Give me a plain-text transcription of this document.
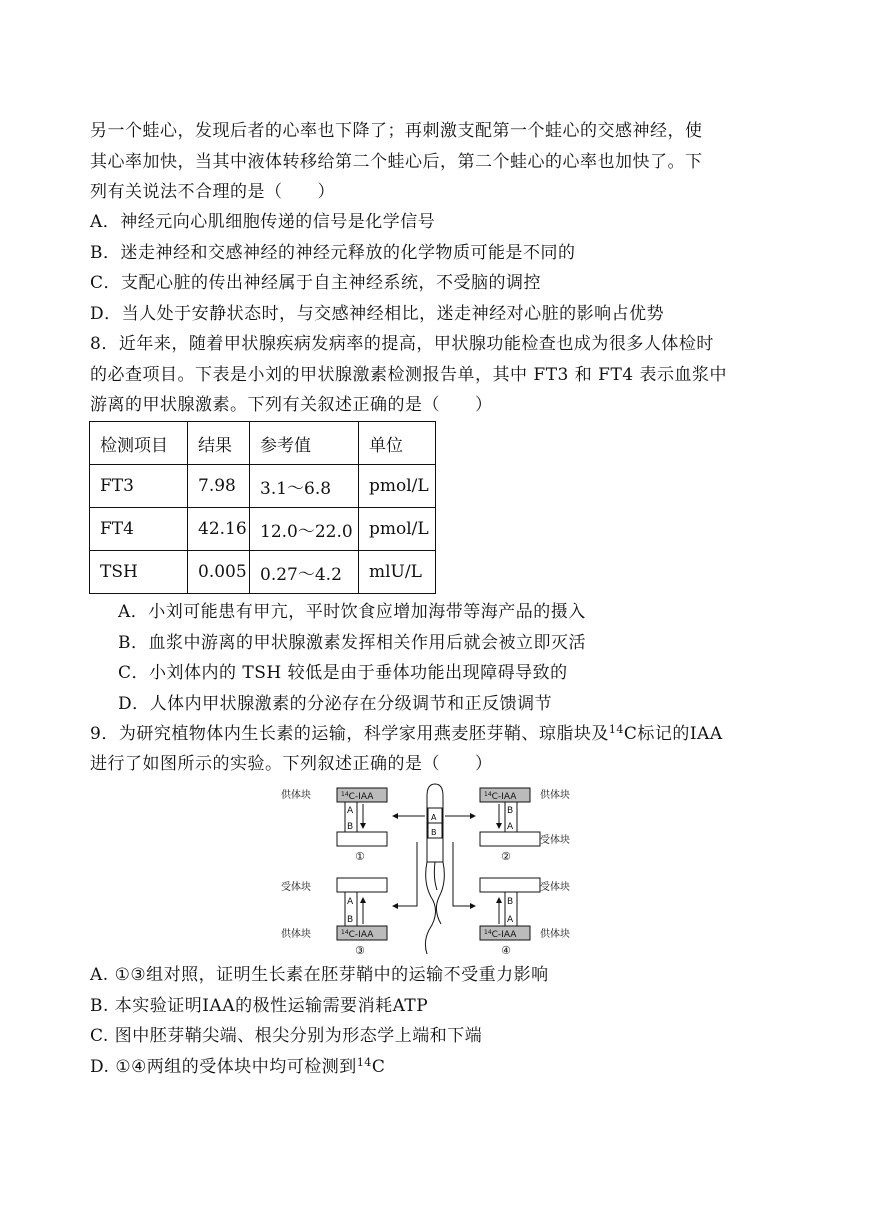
另一个蛙心，发现后者的心率也下降了；再刺激支配第一个蛙心的交感神经，使
其心率加快，当其中液体转移给第二个蛙心后，第二个蛙心的心率也加快了。下
列有关说法不合理的是（　　）
A．神经元向心肌细胞传递的信号是化学信号
B．迷走神经和交感神经的神经元释放的化学物质可能是不同的
C．支配心脏的传出神经属于自主神经系统，不受脑的调控
D．当人处于安静状态时，与交感神经相比，迷走神经对心脏的影响占优势
8．近年来，随着甲状腺疾病发病率的提高，甲状腺功能检查也成为很多人体检时
的必查项目。下表是小刘的甲状腺激素检测报告单，其中 FT3 和 FT4 表示血浆中
游离的甲状腺激素。下列有关叙述正确的是（　　）
检测项目	结果	参考值	单位
FT3	7.98	3.1～6.8	pmol/L
FT4	42.16	12.0～22.0	pmol/L
TSH	0.005	0.27～4.2	mlU/L
A．小刘可能患有甲亢，平时饮食应增加海带等海产品的摄入
B．血浆中游离的甲状腺激素发挥相关作用后就会被立即灭活
C．小刘体内的 TSH 较低是由于垂体功能出现障碍导致的
D．人体内甲状腺激素的分泌存在分级调节和正反馈调节
9．为研究植物体内生长素的运输，科学家用燕麦胚芽鞘、琼脂块及$^{14}$C标记的IAA
进行了如图所示的实验。下列叙述正确的是（　　）
供体块	$^{14}$C-IAA
A
B
①
$^{14}$C-IAA 供体块
B
A
受体块
②
受体块
A
B
供体块	$^{14}$C-IAA
③
受体块
B
A
$^{14}$C-IAA 供体块
④
A
B
A. ①③组对照，证明生长素在胚芽鞘中的运输不受重力影响
B. 本实验证明IAA的极性运输需要消耗ATP
C. 图中胚芽鞘尖端、根尖分别为形态学上端和下端
D. ①④两组的受体块中均可检测到$^{14}$C
